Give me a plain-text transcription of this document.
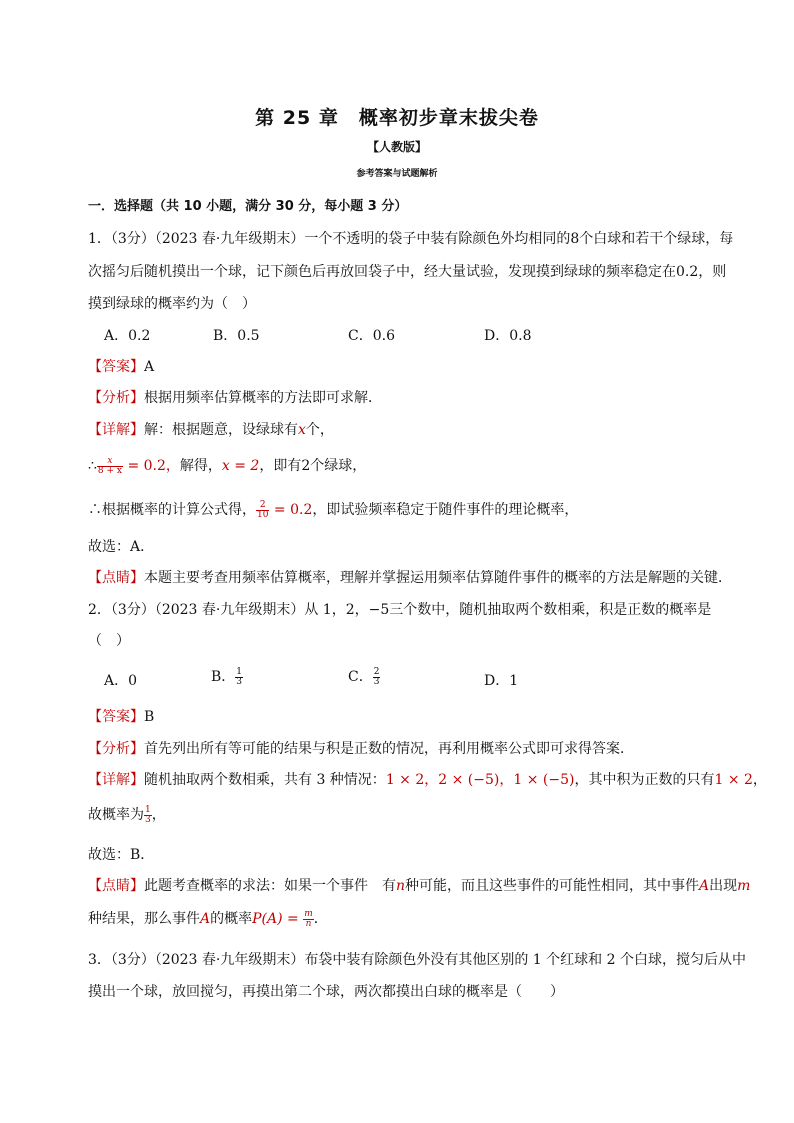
第 25 章　概率初步章末拔尖卷
【人教版】
参考答案与试题解析
一．选择题（共 10 小题，满分 30 分，每小题 3 分）
1．（3分）（2023 春·九年级期末）一个不透明的袋子中装有除颜色外均相同的8个白球和若干个绿球，每
次摇匀后随机摸出一个球，记下颜色后再放回袋子中，经大量试验，发现摸到绿球的频率稳定在0.2，则
摸到绿球的概率约为（　）
A．0.2	B．0.5	C．0.6	D．0.8
【答案】A
【分析】根据用频率估算概率的方法即可求解．
【详解】解：根据题意，设绿球有x个，
∴ $\frac{x}{8 + x} = 0.2$，解得，x = 2，即有2个绿球，
∴根据概率的计算公式得， $\frac{2}{10} = 0.2$，即试验频率稳定于随件事件的理论概率，
故选：A．
【点睛】本题主要考查用频率估算概率，理解并掌握运用频率估算随件事件的概率的方法是解题的关键．
2．（3分）（2023 春·九年级期末）从 1，2，−5三个数中，随机抽取两个数相乘，积是正数的概率是
（　）
A．0	B． $\frac{1}{3}$	C． $\frac{2}{3}$	D．1
【答案】B
【分析】首先列出所有等可能的结果与积是正数的情况，再利用概率公式即可求得答案．
【详解】随机抽取两个数相乘，共有 3 种情况：1 × 2，2 × (−5)，1 × (−5)，其中积为正数的只有1 × 2，
故概率为 $\frac{1}{3}$ ，
故选：B．
【点睛】此题考查概率的求法：如果一个事件　有n种可能，而且这些事件的可能性相同，其中事件A出现m
种结果，那么事件A的概率$P(A) = \frac{m}{n}$ ．
3．（3分）（2023 春·九年级期末）布袋中装有除颜色外没有其他区别的 1 个红球和 2 个白球，搅匀后从中
摸出一个球，放回搅匀，再摸出第二个球，两次都摸出白球的概率是（　　）
